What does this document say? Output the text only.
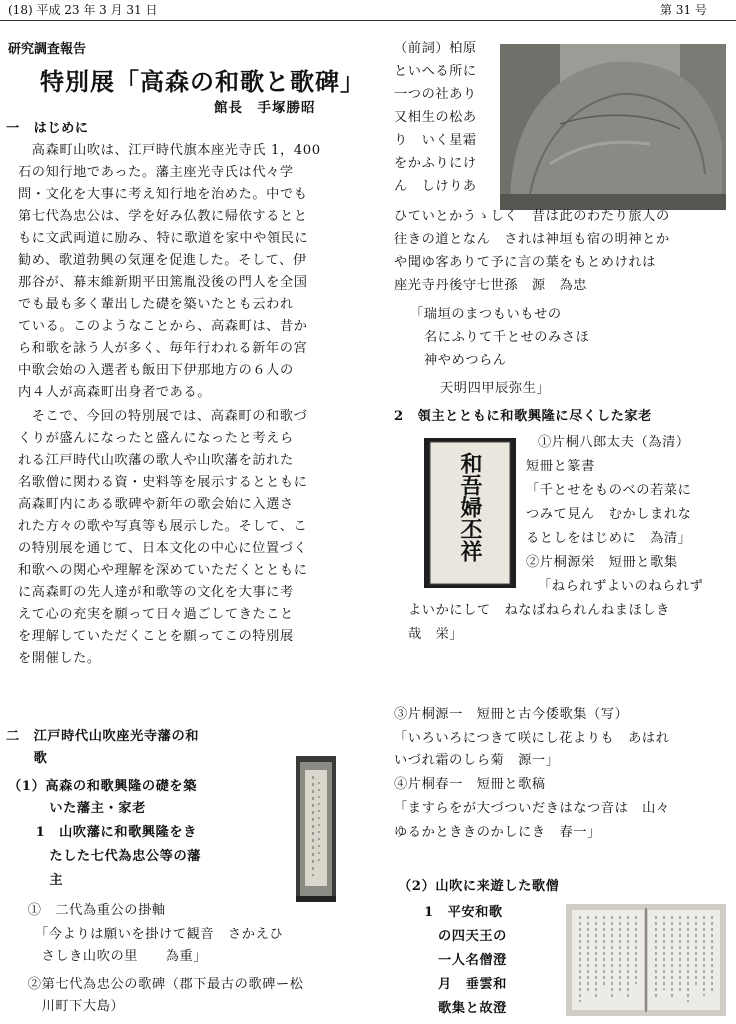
(18) 平成 23 年 3 月 31 日	第 31 号
研究調査報告
特別展「高森の和歌と歌碑」
館長　手塚勝昭
一　はじめに
　高森町山吹は、江戸時代旗本座光寺氏 1，400
石の知行地であった。藩主座光寺氏は代々学
問・文化を大事に考え知行地を治めた。中でも
第七代為忠公は、学を好み仏教に帰依するとと
もに文武両道に励み、特に歌道を家中や領民に
勧め、歌道勃興の気運を促進した。そして、伊
那谷が、幕末維新期平田篤胤没後の門人を全国
でも最も多く輩出した礎を築いたとも云われ
ている。このようなことから、高森町は、昔か
ら和歌を詠う人が多く、毎年行われる新年の宮
中歌会始の入選者も飯田下伊那地方の６人の
内４人が高森町出身者である。
　そこで、今回の特別展では、高森町の和歌づ
くりが盛んになったと盛んになったと考えら
れる江戸時代山吹藩の歌人や山吹藩を訪れた
名歌僧に関わる資・史料等を展示するとともに
高森町内にある歌碑や新年の歌会始に入選さ
れた方々の歌や写真等も展示した。そして、こ
の特別展を通じて、日本文化の中心に位置づく
和歌への関心や理解を深めていただくとともに
に高森町の先人達が和歌等の文化を大事に考
えて心の充実を願って日々過ごしてきたこと
を理解していただくことを願ってこの特別展
を開催した。
二　江戸時代山吹座光寺藩の和
　　歌
（1）高森の和歌興隆の礎を築
　　　いた藩主・家老
　　1　山吹藩に和歌興隆をき
　　　たした七代為忠公等の藩
　　　主
　①　二代為重公の掛軸
　　「今よりは願いを掛けて観音　さかえひ
　　さしき山吹の里　　為重」
　②第七代為忠公の歌碑（郡下最古の歌碑ー松
　　川町下大島）
（前詞）柏原
といへる所に
一つの社あり
又相生の松あ
り　いく星霜
をかふりにけ
ん　しけりあ
ひていとかうゝしく　昔は此のわたり旅人の
往きの道となん　されは神垣も宿の明神とか
や聞ゆ客ありて予に言の葉をもとめけれは
座光寺丹後守七世孫　源　為忠
「瑞垣のまつもいもせの
名にふりて千とせのみさほ
神やめつらん
天明四甲辰弥生」
2　領主とともに和歌興隆に尽くした家老
和吾婦丕祥
①片桐八郎太夫（為清）
短冊と篆書
「千とせをものべの若菜に
つみて見ん　むかしまれな
るとしをはじめに　為清」
②片桐源栄　短冊と歌集
「ねられずよいのねられず
よいかにして　ねなばねられんねまほしき
哉　栄」
③片桐源一　短冊と古今倭歌集（写）
「いろいろにつきて咲にし花よりも　あはれ
いづれ霜のしら菊　源一」
④片桐春一　短冊と歌稿
「ますらをが大づついだきはなつ音は　山々
ゆるかとききのかしにき　春一」
（2）山吹に来遊した歌僧
1　平安和歌
の四天王の
一人名僧澄
月　垂雲和
歌集と故澄
